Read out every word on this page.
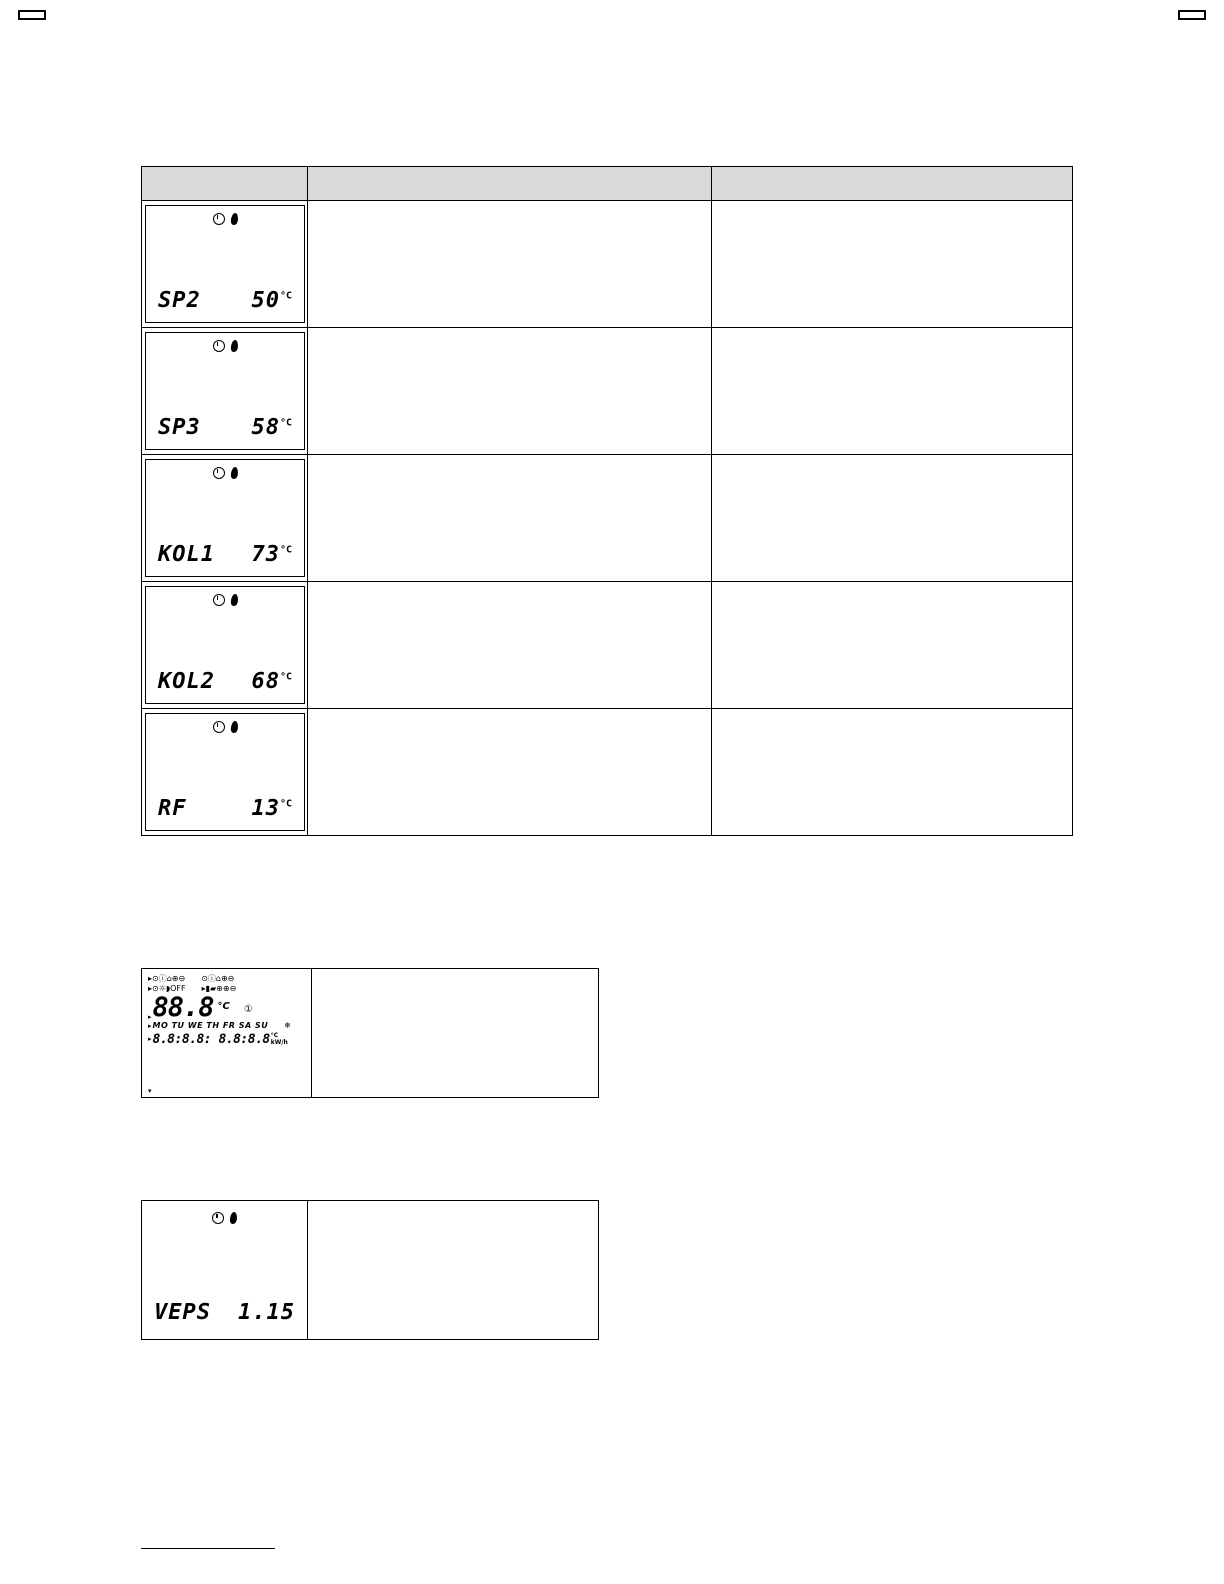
SP2 $50^{^\circ C}$

SP3 $58^{^\circ C}$

KOL1 $73^{^\circ C}$

KOL2 $68^{^\circ C}$

RF $13^{^\circ C}$

▸⊙ⓘ⌂⊕⊖ ⊙ⓘ⌂⊕⊖
▸⊙☼◗OFF ▸▮▰⊕⊕⊖
▸ 88.8 °C ①
▸ MO TU WE TH FR SA SU ❄
▸ 8.8:8.8: 8.8:8.8 °C
kW/h
▾
VEPS 1.15
